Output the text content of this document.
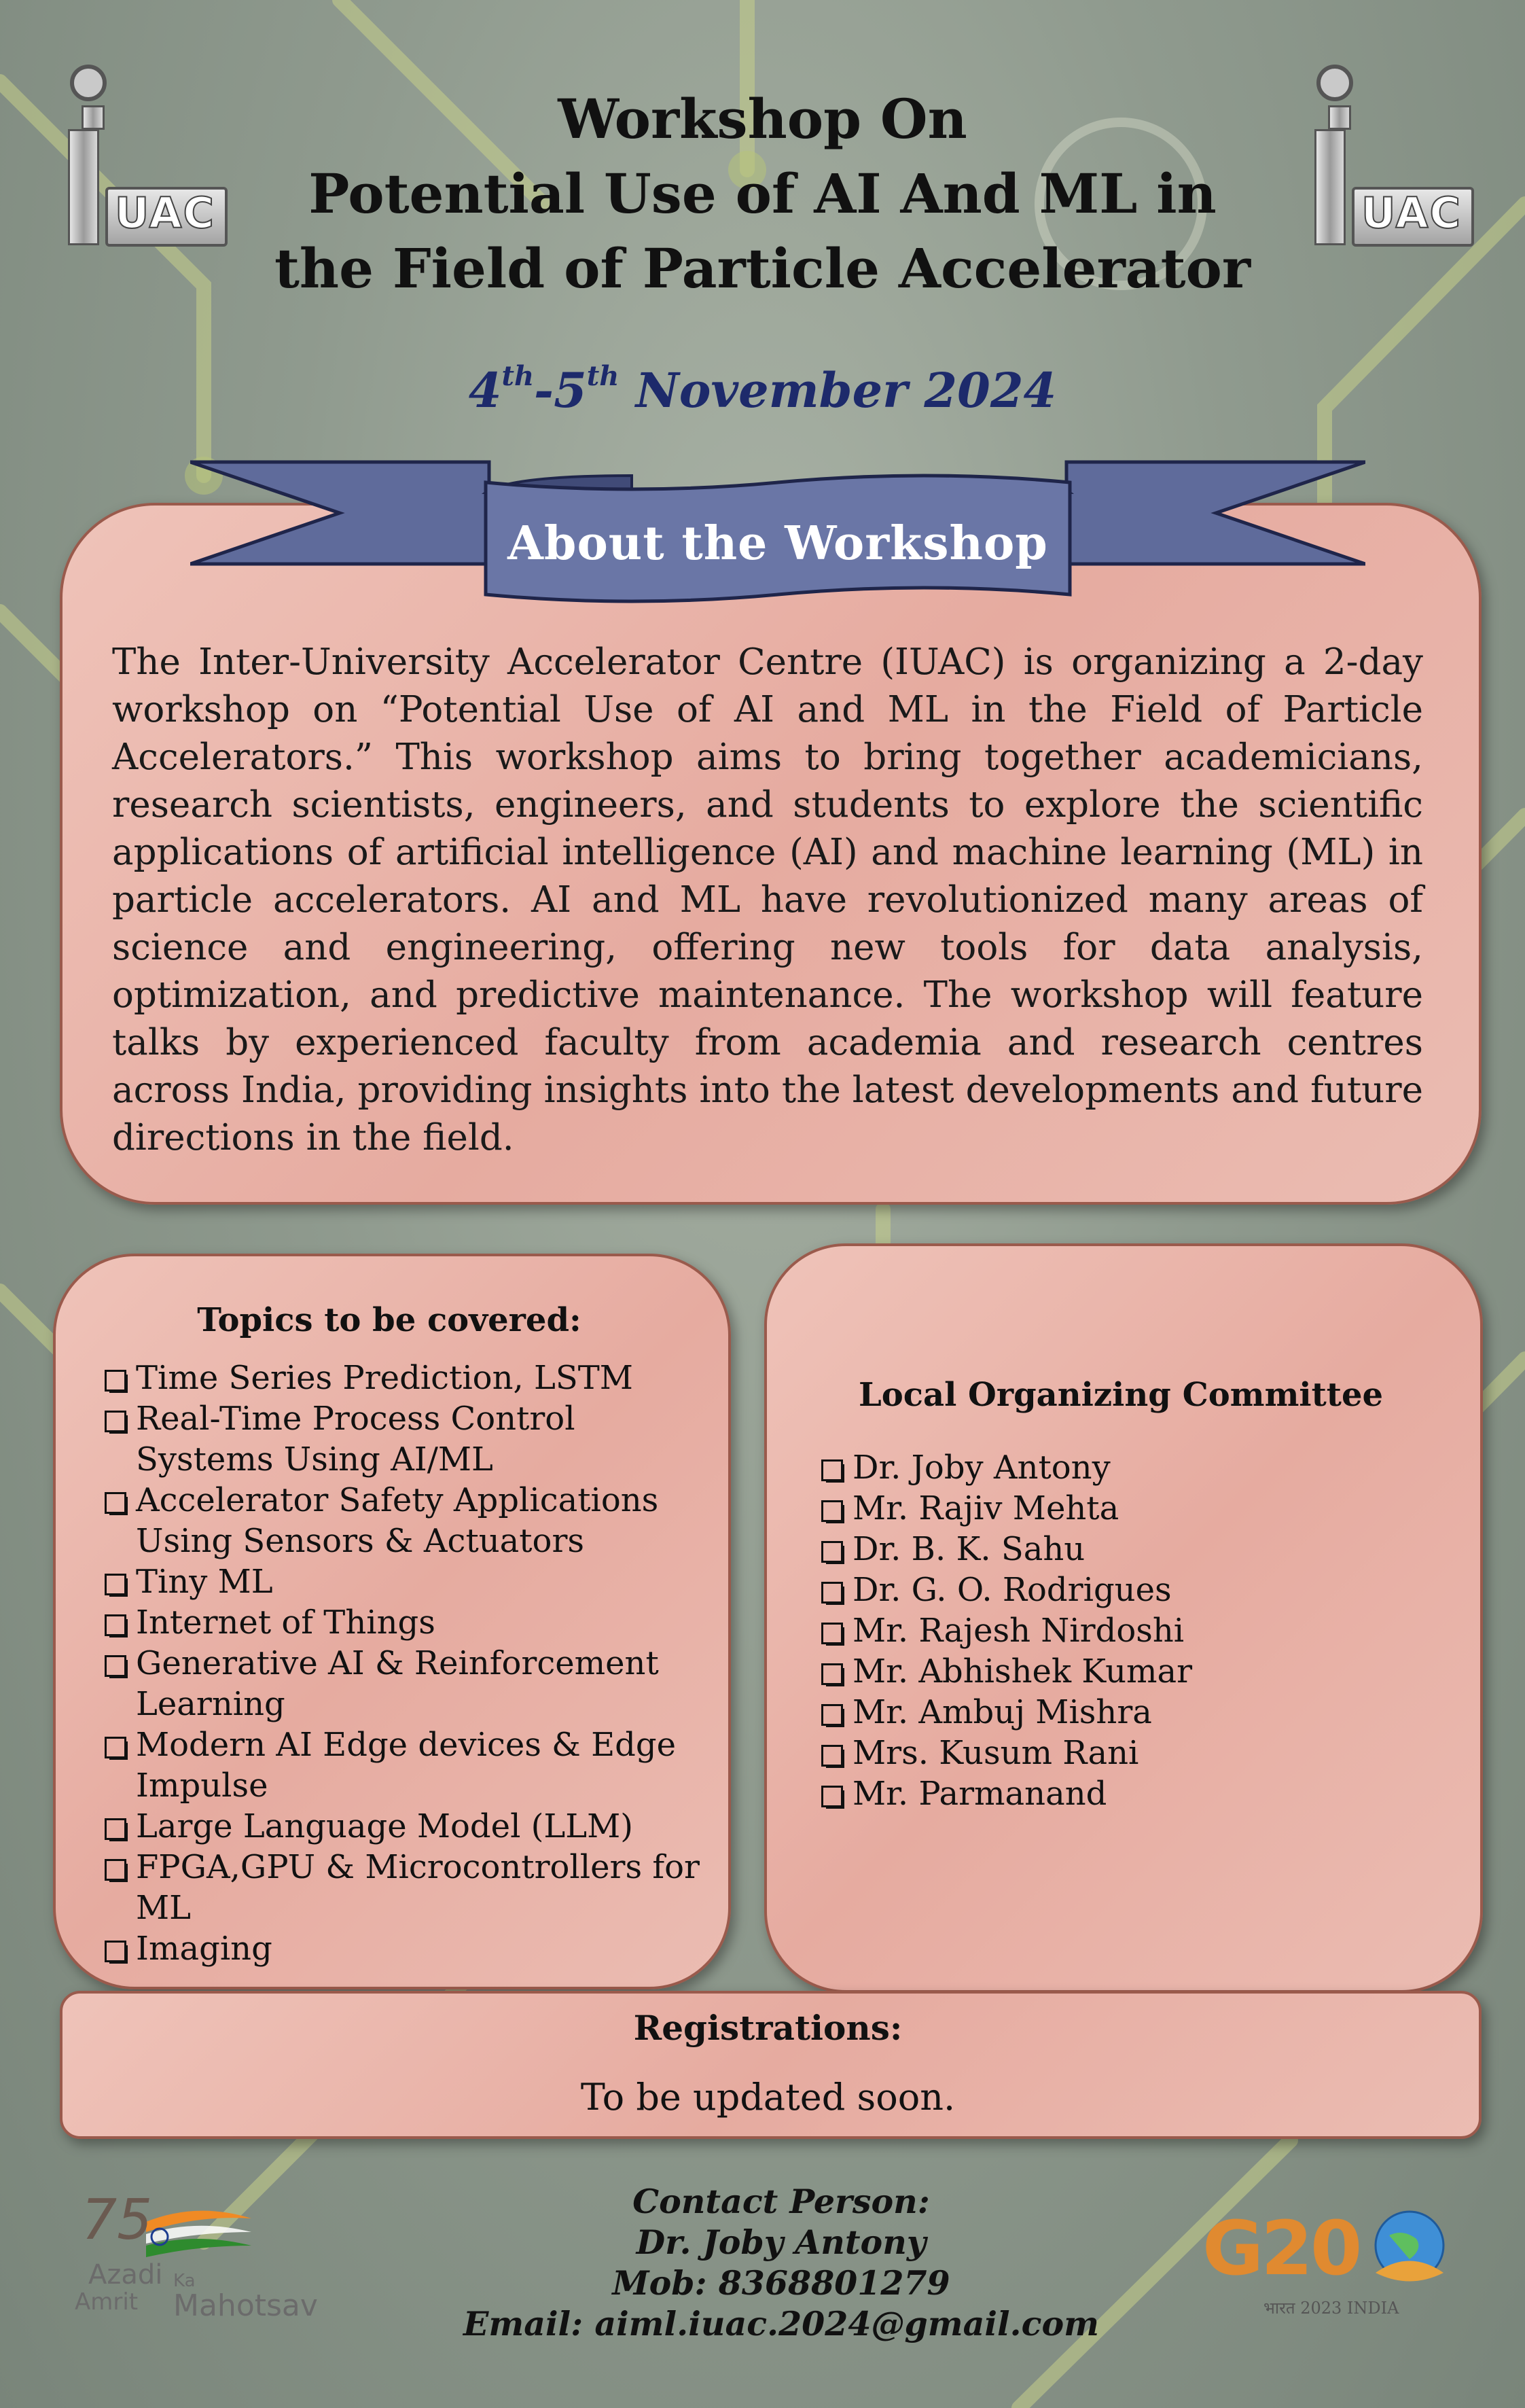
UAC	UAC
Workshop On
Potential Use of AI And ML in
the Field of Particle Accelerator
4th-5th November 2024
About the Workshop
The Inter-University Accelerator Centre (IUAC) is organizing a 2-day workshop on “Potential Use of AI and ML in the Field of Particle Accelerators.” This workshop aims to bring together academicians, research scientists, engineers, and students to explore the scientific applications of artificial intelligence (AI) and machine learning (ML) in particle accelerators. AI and ML have revolutionized many areas of science and engineering, offering new tools for data analysis, optimization, and predictive maintenance. The workshop will feature talks by experienced faculty from academia and research centres across India, providing insights into the latest developments and future directions in the field.
Topics to be covered:
Time Series Prediction, LSTM
Real-Time Process Control Systems Using AI/ML
Accelerator Safety Applications Using Sensors & Actuators
Tiny ML
Internet of Things
Generative AI & Reinforcement Learning
Modern AI Edge devices & Edge Impulse
Large Language Model (LLM)
FPGA,GPU & Microcontrollers for ML
Imaging
Local Organizing Committee
Dr. Joby Antony
Mr. Rajiv Mehta
Dr. B. K. Sahu
Dr. G. O. Rodrigues
Mr. Rajesh Nirdoshi
Mr. Abhishek Kumar
Mr. Ambuj Mishra
Mrs. Kusum Rani
Mr. Parmanand
Registrations:
To be updated soon.
Contact Person:
Dr. Joby Antony
Mob: 8368801279
Email: aiml.iuac.2024@gmail.com
75
Azadi Ka
Amrit Mahotsav
G20
भारत 2023 INDIA
